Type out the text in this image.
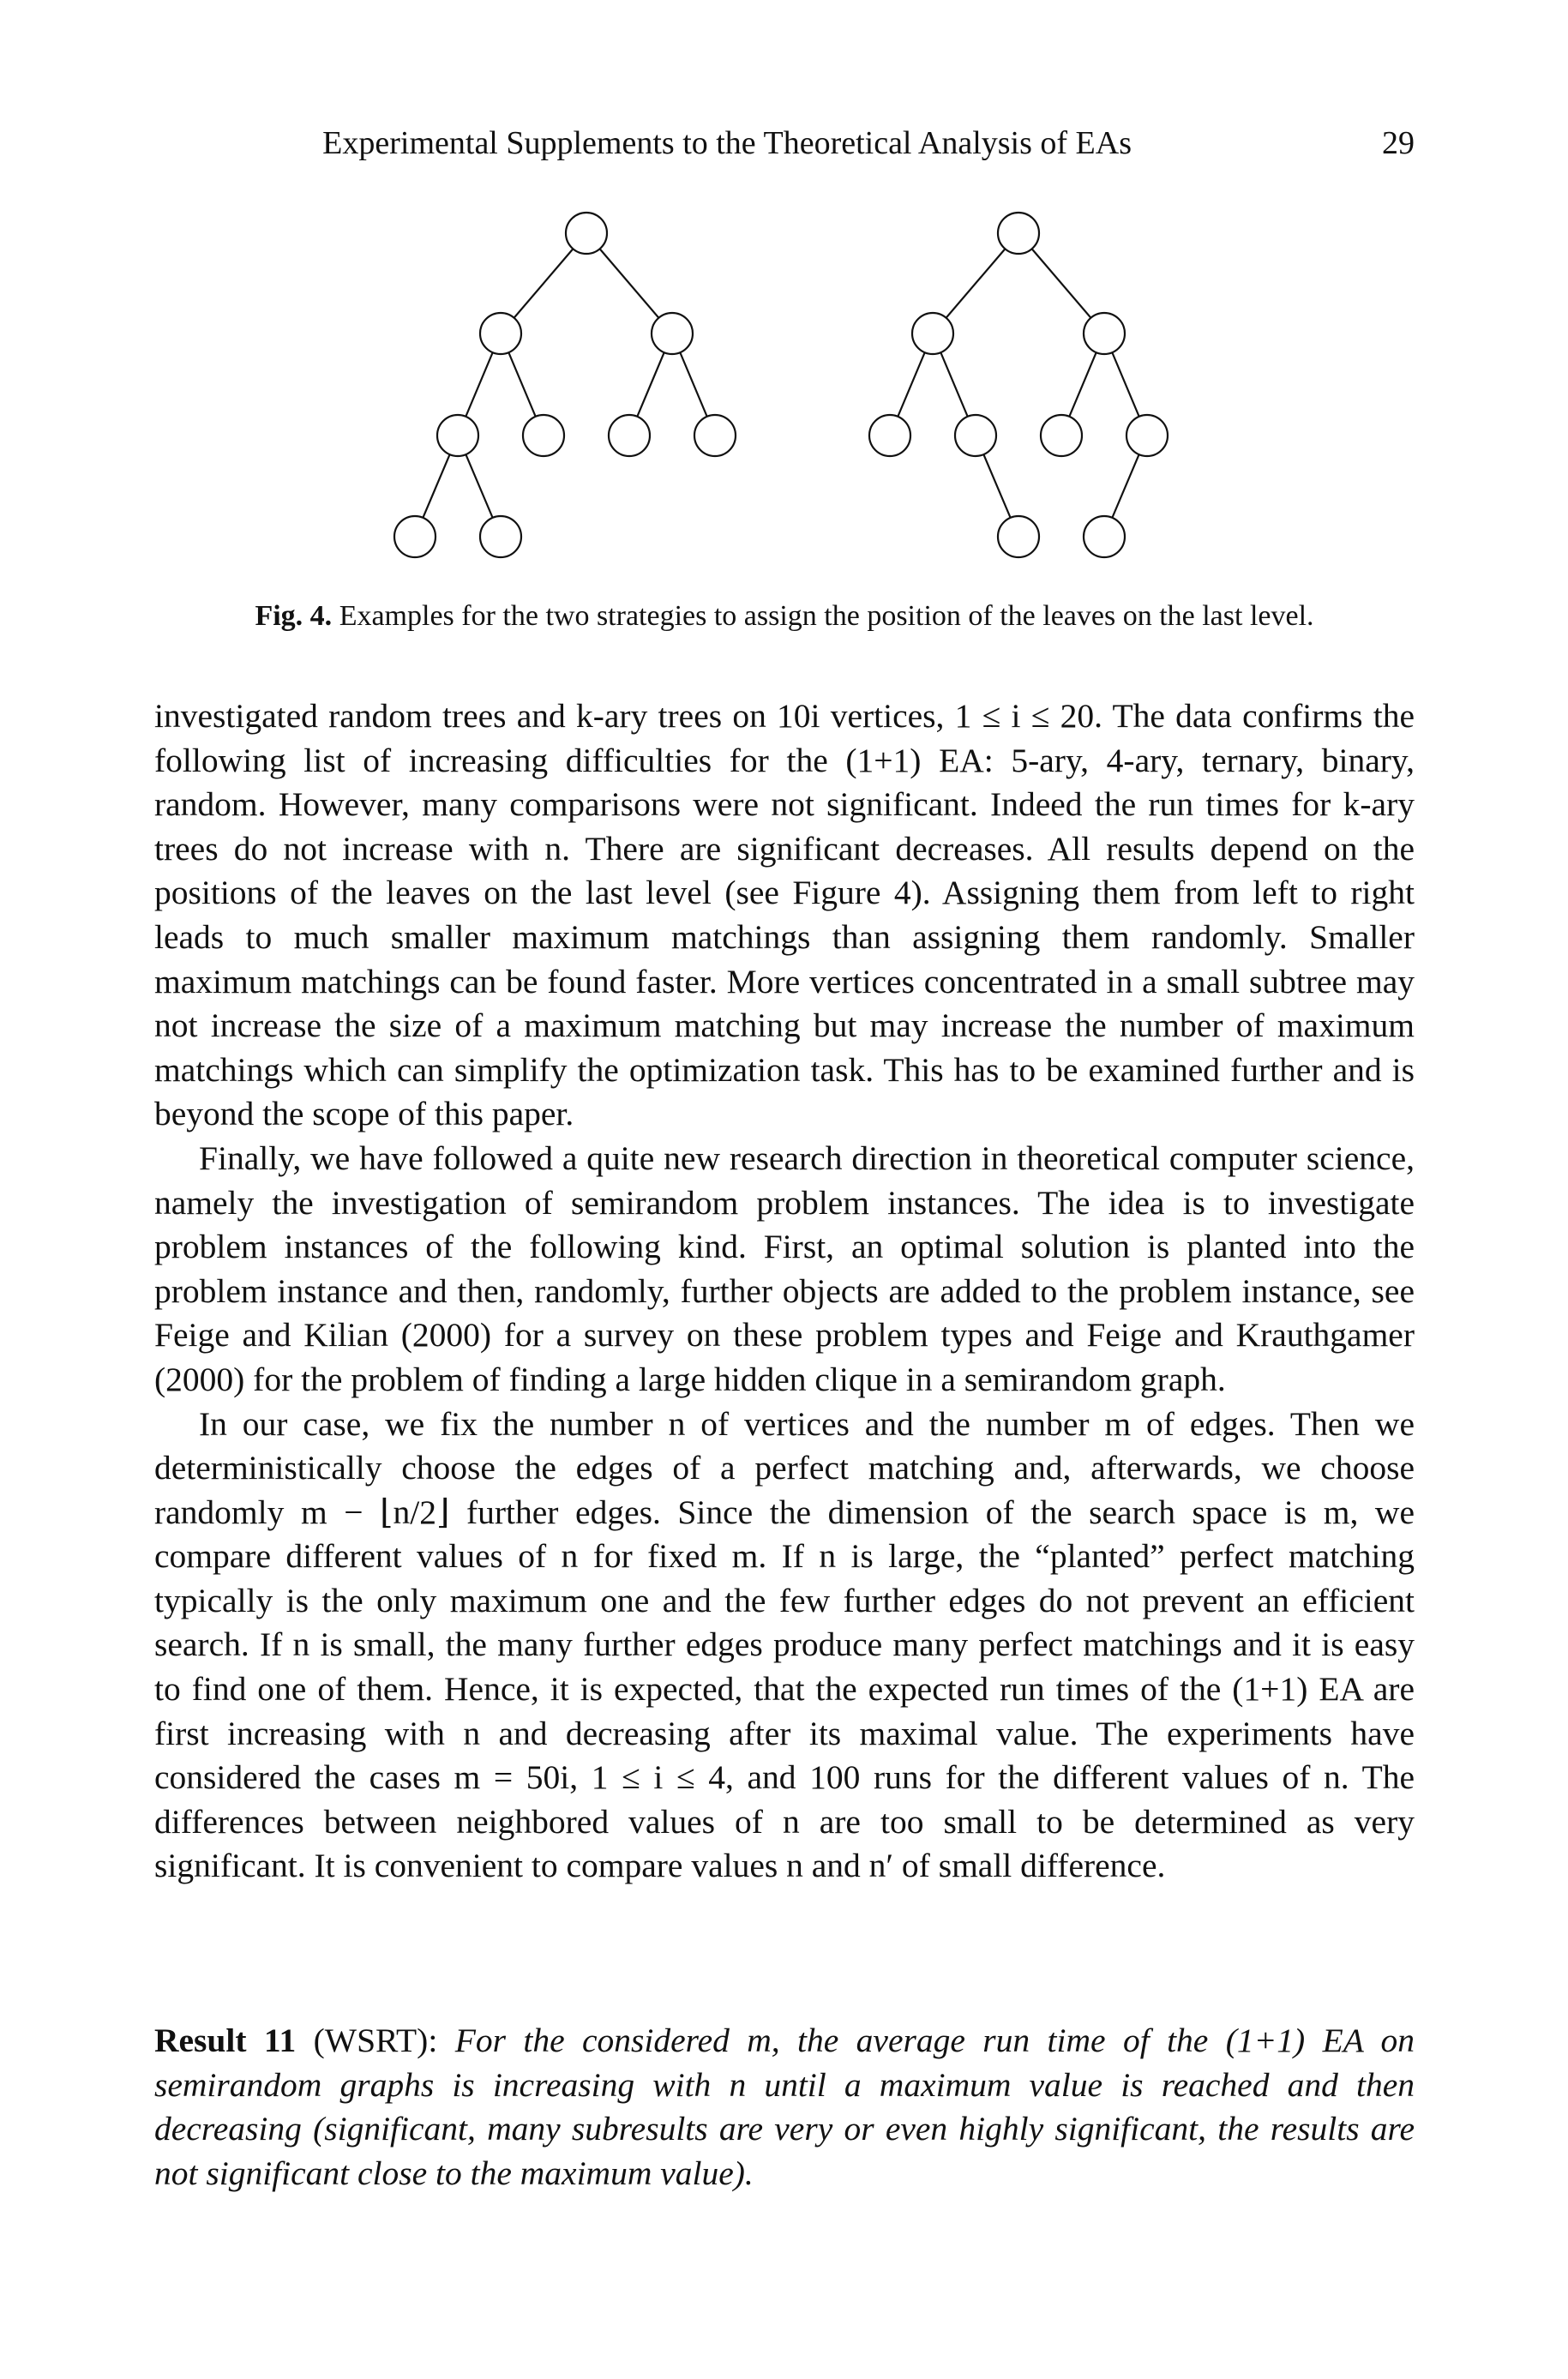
Experimental Supplements to the Theoretical Analysis of EAs	29
Fig. 4. Examples for the two strategies to assign the position of the leaves on the last level.

investigated random trees and k-ary trees on 10i vertices, 1 ≤ i ≤ 20. The data confirms the following list of increasing difficulties for the (1+1) EA: 5-ary, 4-ary, ternary, binary, random. However, many comparisons were not significant. Indeed the run times for k-ary trees do not increase with n. There are significant decreases. All results depend on the positions of the leaves on the last level (see Figure 4). Assigning them from left to right leads to much smaller maximum matchings than assigning them randomly. Smaller maximum matchings can be found faster. More vertices concentrated in a small subtree may not increase the size of a maximum matching but may increase the number of maximum matchings which can simplify the optimization task. This has to be examined further and is beyond the scope of this paper.

Finally, we have followed a quite new research direction in theoretical computer science, namely the investigation of semirandom problem instances. The idea is to investigate problem instances of the following kind. First, an optimal solution is planted into the problem instance and then, randomly, further objects are added to the problem instance, see Feige and Kilian (2000) for a survey on these problem types and Feige and Krauthgamer (2000) for the problem of finding a large hidden clique in a semirandom graph.

In our case, we fix the number n of vertices and the number m of edges. Then we deterministically choose the edges of a perfect matching and, afterwards, we choose randomly m − ⌊n/2⌋ further edges. Since the dimension of the search space is m, we compare different values of n for fixed m. If n is large, the “planted” perfect matching typically is the only maximum one and the few further edges do not prevent an efficient search. If n is small, the many further edges produce many perfect matchings and it is easy to find one of them. Hence, it is expected, that the expected run times of the (1+1) EA are first increasing with n and decreasing after its maximal value. The experiments have considered the cases m = 50i, 1 ≤ i ≤ 4, and 100 runs for the different values of n. The differences between neighbored values of n are too small to be determined as very significant. It is convenient to compare values n and n′ of small difference.

Result 11 (WSRT): For the considered m, the average run time of the (1+1) EA on semirandom graphs is increasing with n until a maximum value is reached and then decreasing (significant, many subresults are very or even highly significant, the results are not significant close to the maximum value).
